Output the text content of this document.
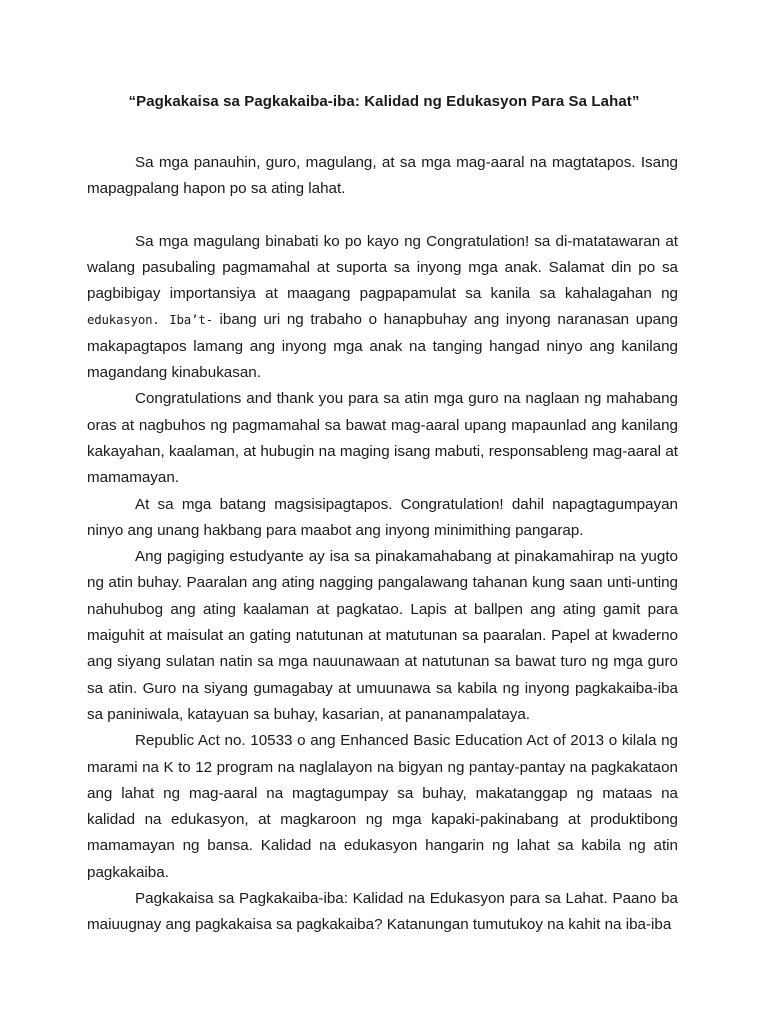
“Pagkakaisa sa Pagkakaiba-iba: Kalidad ng Edukasyon Para Sa Lahat”

Sa mga panauhin, guro, magulang, at sa mga mag-aaral na magtatapos. Isang mapagpalang hapon po sa ating lahat.

Sa mga magulang binabati ko po kayo ng Congratulation! sa di-matatawaran at walang pasubaling pagmamahal at suporta sa inyong mga anak. Salamat din po sa pagbibigay importansiya at maagang pagpapamulat sa kanila sa kahalagahan ng edukasyon. Iba’t- ibang uri ng trabaho o hanapbuhay ang inyong naranasan upang makapagtapos lamang ang inyong mga anak na tanging hangad ninyo ang kanilang magandang kinabukasan.

Congratulations and thank you para sa atin mga guro na naglaan ng mahabang oras at nagbuhos ng pagmamahal sa bawat mag-aaral upang mapaunlad ang kanilang kakayahan, kaalaman, at hubugin na maging isang mabuti, responsableng mag-aaral at mamamayan.

At sa mga batang magsisipagtapos. Congratulation! dahil napagtagumpayan ninyo ang unang hakbang para maabot ang inyong minimithing pangarap.

Ang pagiging estudyante ay isa sa pinakamahabang at pinakamahirap na yugto ng atin buhay. Paaralan ang ating nagging pangalawang tahanan kung saan unti-unting nahuhubog ang ating kaalaman at pagkatao. Lapis at ballpen ang ating gamit para maiguhit at maisulat an gating natutunan at matutunan sa paaralan. Papel at kwaderno ang siyang sulatan natin sa mga nauunawaan at natutunan sa bawat turo ng mga guro sa atin. Guro na siyang gumagabay at umuunawa sa kabila ng inyong pagkakaiba-iba sa paniniwala, katayuan sa buhay, kasarian, at pananampalataya.

Republic Act no. 10533 o ang Enhanced Basic Education Act of 2013 o kilala ng marami na K to 12 program na naglalayon na bigyan ng pantay-pantay na pagkakataon ang lahat ng mag-aaral na magtagumpay sa buhay, makatanggap ng mataas na kalidad na edukasyon, at magkaroon ng mga kapaki-pakinabang at produktibong mamamayan ng bansa. Kalidad na edukasyon hangarin ng lahat sa kabila ng atin pagkakaiba.

Pagkakaisa sa Pagkakaiba-iba: Kalidad na Edukasyon para sa Lahat. Paano ba maiuugnay ang pagkakaisa sa pagkakaiba? Katanungan tumutukoy na kahit na iba-iba
